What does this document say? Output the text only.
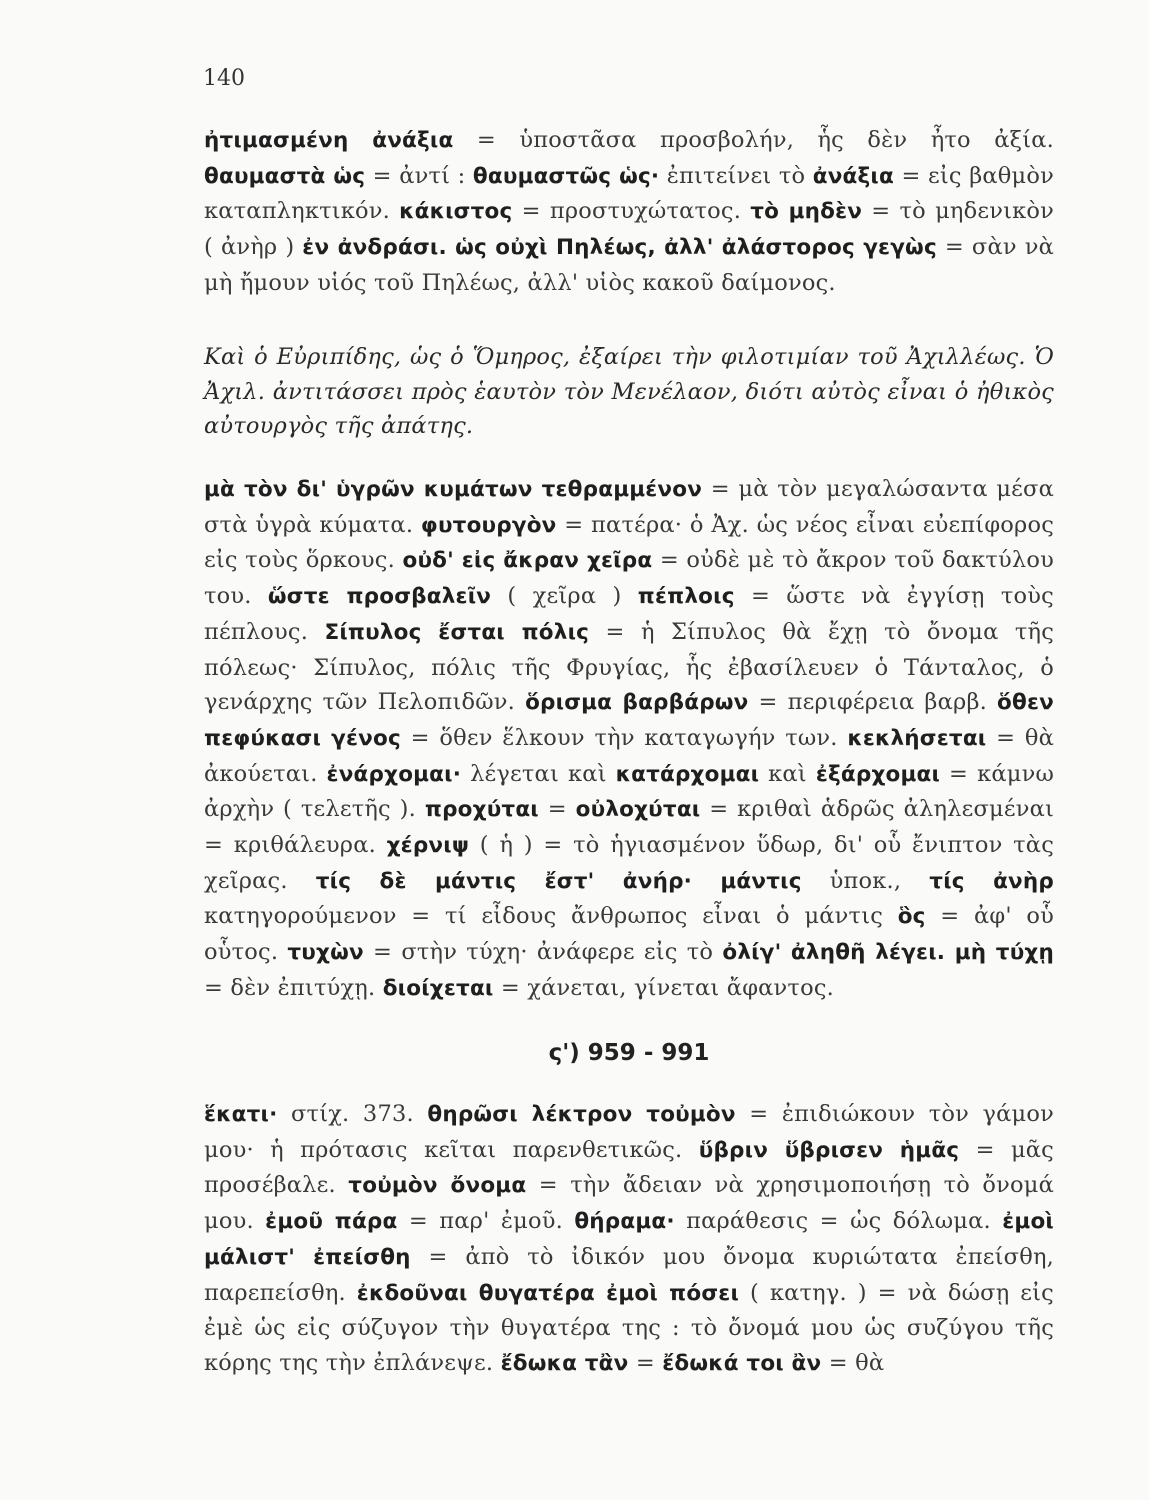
140
ἠτιμασμένη ἀνάξια = ὑποστᾶσα προσβολήν, ἧς δὲν ἦτο ἀξία. θαυμαστὰ ὡς = ἀντί : θαυμαστῶς ὡς· ἐπιτείνει τὸ ἀνάξια = εἰς βαθμὸν καταπληκτικόν. κάκιστος = προστυχώτατος. τὸ μηδὲν = τὸ μηδενικὸν ( ἀνὴρ ) ἐν ἀνδράσι. ὡς οὐχὶ Πηλέως, ἀλλ' ἀλάστορος γεγὼς = σὰν νὰ μὴ ἤμουν υἱός τοῦ Πηλέως, ἀλλ' υἱὸς κακοῦ δαίμονος.
Καὶ ὁ Εὐριπίδης, ὡς ὁ Ὅμηρος, ἐξαίρει τὴν φιλοτιμίαν τοῦ Ἀχιλλέως. Ὁ Ἀχιλ. ἀντιτάσσει πρὸς ἑαυτὸν τὸν Μενέλαον, διότι αὐτὸς εἶναι ὁ ἠθικὸς αὐτουργὸς τῆς ἀπάτης.
μὰ τὸν δι' ὑγρῶν κυμάτων τεθραμμένον = μὰ τὸν μεγαλώσαντα μέσα στὰ ὑγρὰ κύματα. φυτουργὸν = πατέρα· ὁ Ἀχ. ὡς νέος εἶναι εὐεπίφορος εἰς τοὺς ὅρκους. οὐδ' εἰς ἄκραν χεῖρα = οὐδὲ μὲ τὸ ἄκρον τοῦ δακτύλου του. ὥστε προσβαλεῖν ( χεῖρα ) πέπλοις = ὥστε νὰ ἐγγίσῃ τοὺς πέπλους. Σίπυλος ἔσται πόλις = ἡ Σίπυλος θὰ ἔχῃ τὸ ὄνομα τῆς πόλεως· Σίπυλος, πόλις τῆς Φρυγίας, ἧς ἐβασίλευεν ὁ Τάνταλος, ὁ γενάρχης τῶν Πελοπιδῶν. ὅρισμα βαρβάρων = περιφέρεια βαρβ. ὅθεν πεφύκασι γένος = ὅθεν ἕλκουν τὴν καταγωγήν των. κεκλήσεται = θὰ ἀκούεται. ἐνάρχομαι· λέγεται καὶ κατάρχομαι καὶ ἐξάρχομαι = κάμνω ἀρχὴν ( τελετῆς ). προχύται = οὐλοχύται = κριθαὶ ἁδρῶς ἀληλεσμέναι = κριθάλευρα. χέρνιψ ( ἡ ) = τὸ ἡγιασμένον ὕδωρ, δι' οὗ ἔνιπτον τὰς χεῖρας. τίς δὲ μάντις ἔστ' ἀνήρ· μάντις ὑποκ., τίς ἀνὴρ κατηγορούμενον = τί εἶδους ἄνθρωπος εἶναι ὁ μάντις ὃς = ἀφ' οὗ οὗτος. τυχὼν = στὴν τύχη· ἀνάφερε εἰς τὸ ὀλίγ' ἀληθῆ λέγει. μὴ τύχῃ = δὲν ἐπιτύχῃ. διοίχεται = χάνεται, γίνεται ἄφαντος.
ς') 959 - 991
ἕκατι· στίχ. 373. θηρῶσι λέκτρον τοὐμὸν = ἐπιδιώκουν τὸν γάμον μου· ἡ πρότασις κεῖται παρενθετικῶς. ὕβριν ὕβρισεν ἡμᾶς = μᾶς προσέβαλε. τοὐμὸν ὄνομα = τὴν ἄδειαν νὰ χρησιμοποιήσῃ τὸ ὄνομά μου. ἐμοῦ πάρα = παρ' ἐμοῦ. θήραμα· παράθεσις = ὡς δόλωμα. ἐμοὶ μάλιστ' ἐπείσθη = ἀπὸ τὸ ἰδικόν μου ὄνομα κυριώτατα ἐπείσθη, παρεπείσθη. ἐκδοῦναι θυγατέρα ἐμοὶ πόσει ( κατηγ. ) = νὰ δώσῃ εἰς ἐμὲ ὡς εἰς σύζυγον τὴν θυγατέρα της : τὸ ὄνομά μου ὡς συζύγου τῆς κόρης της τὴν ἐπλάνεψε. ἔδωκα τἂν = ἔδωκά τοι ἂν = θὰ
